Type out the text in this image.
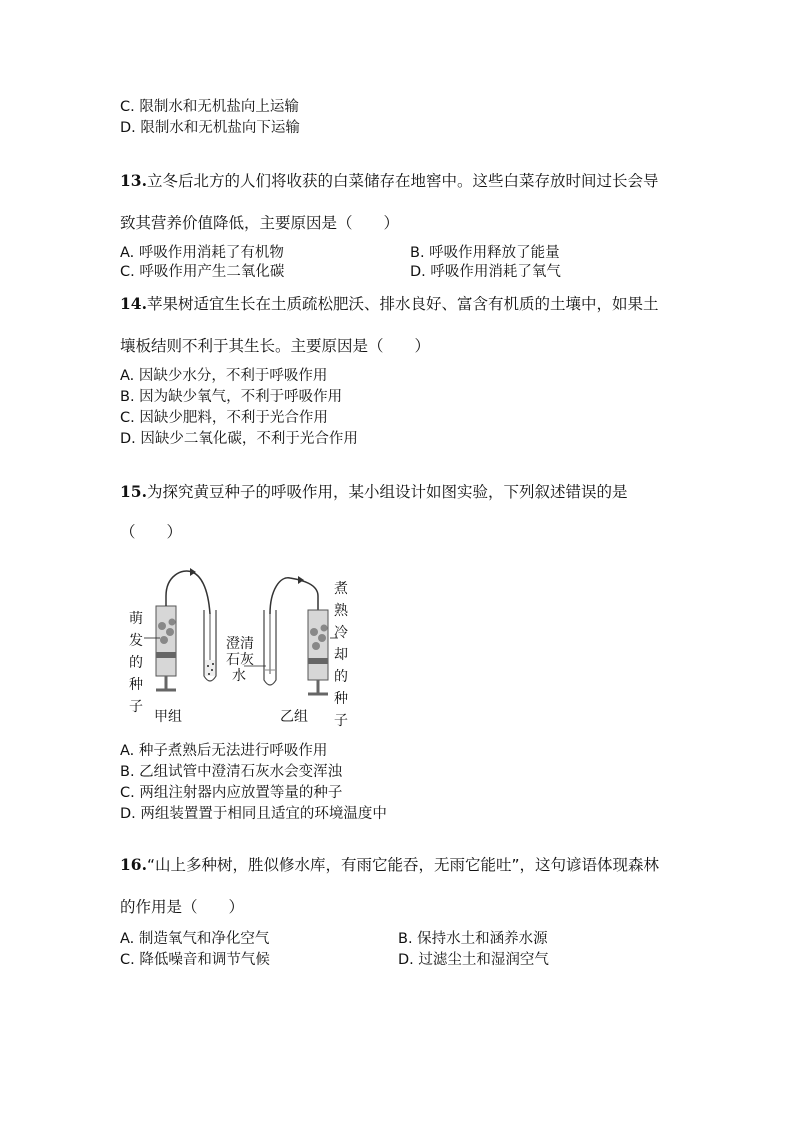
C. 限制水和无机盐向上运输
D. 限制水和无机盐向下运输
13.立冬后北方的人们将收获的白菜储存在地窖中。这些白菜存放时间过长会导
致其营养价值降低，主要原因是（　　）
A. 呼吸作用消耗了有机物	B. 呼吸作用释放了能量
C. 呼吸作用产生二氧化碳	D. 呼吸作用消耗了氧气
14.苹果树适宜生长在土质疏松肥沃、排水良好、富含有机质的土壤中，如果土
壤板结则不利于其生长。主要原因是（　　）
A. 因缺少水分，不利于呼吸作用
B. 因为缺少氧气，不利于呼吸作用
C. 因缺少肥料，不利于光合作用
D. 因缺少二氧化碳，不利于光合作用
15.为探究黄豆种子的呼吸作用，某小组设计如图实验，下列叙述错误的是
（　　）
萌
发
的
种
子
澄清
石灰
水
煮
熟
冷
却
的
种
子
甲组	乙组
A. 种子煮熟后无法进行呼吸作用
B. 乙组试管中澄清石灰水会变浑浊
C. 两组注射器内应放置等量的种子
D. 两组装置置于相同且适宜的环境温度中
16.“山上多种树，胜似修水库，有雨它能吞，无雨它能吐”，这句谚语体现森林
的作用是（　　）
A. 制造氧气和净化空气	B. 保持水土和涵养水源
C. 降低噪音和调节气候	D. 过滤尘土和湿润空气
